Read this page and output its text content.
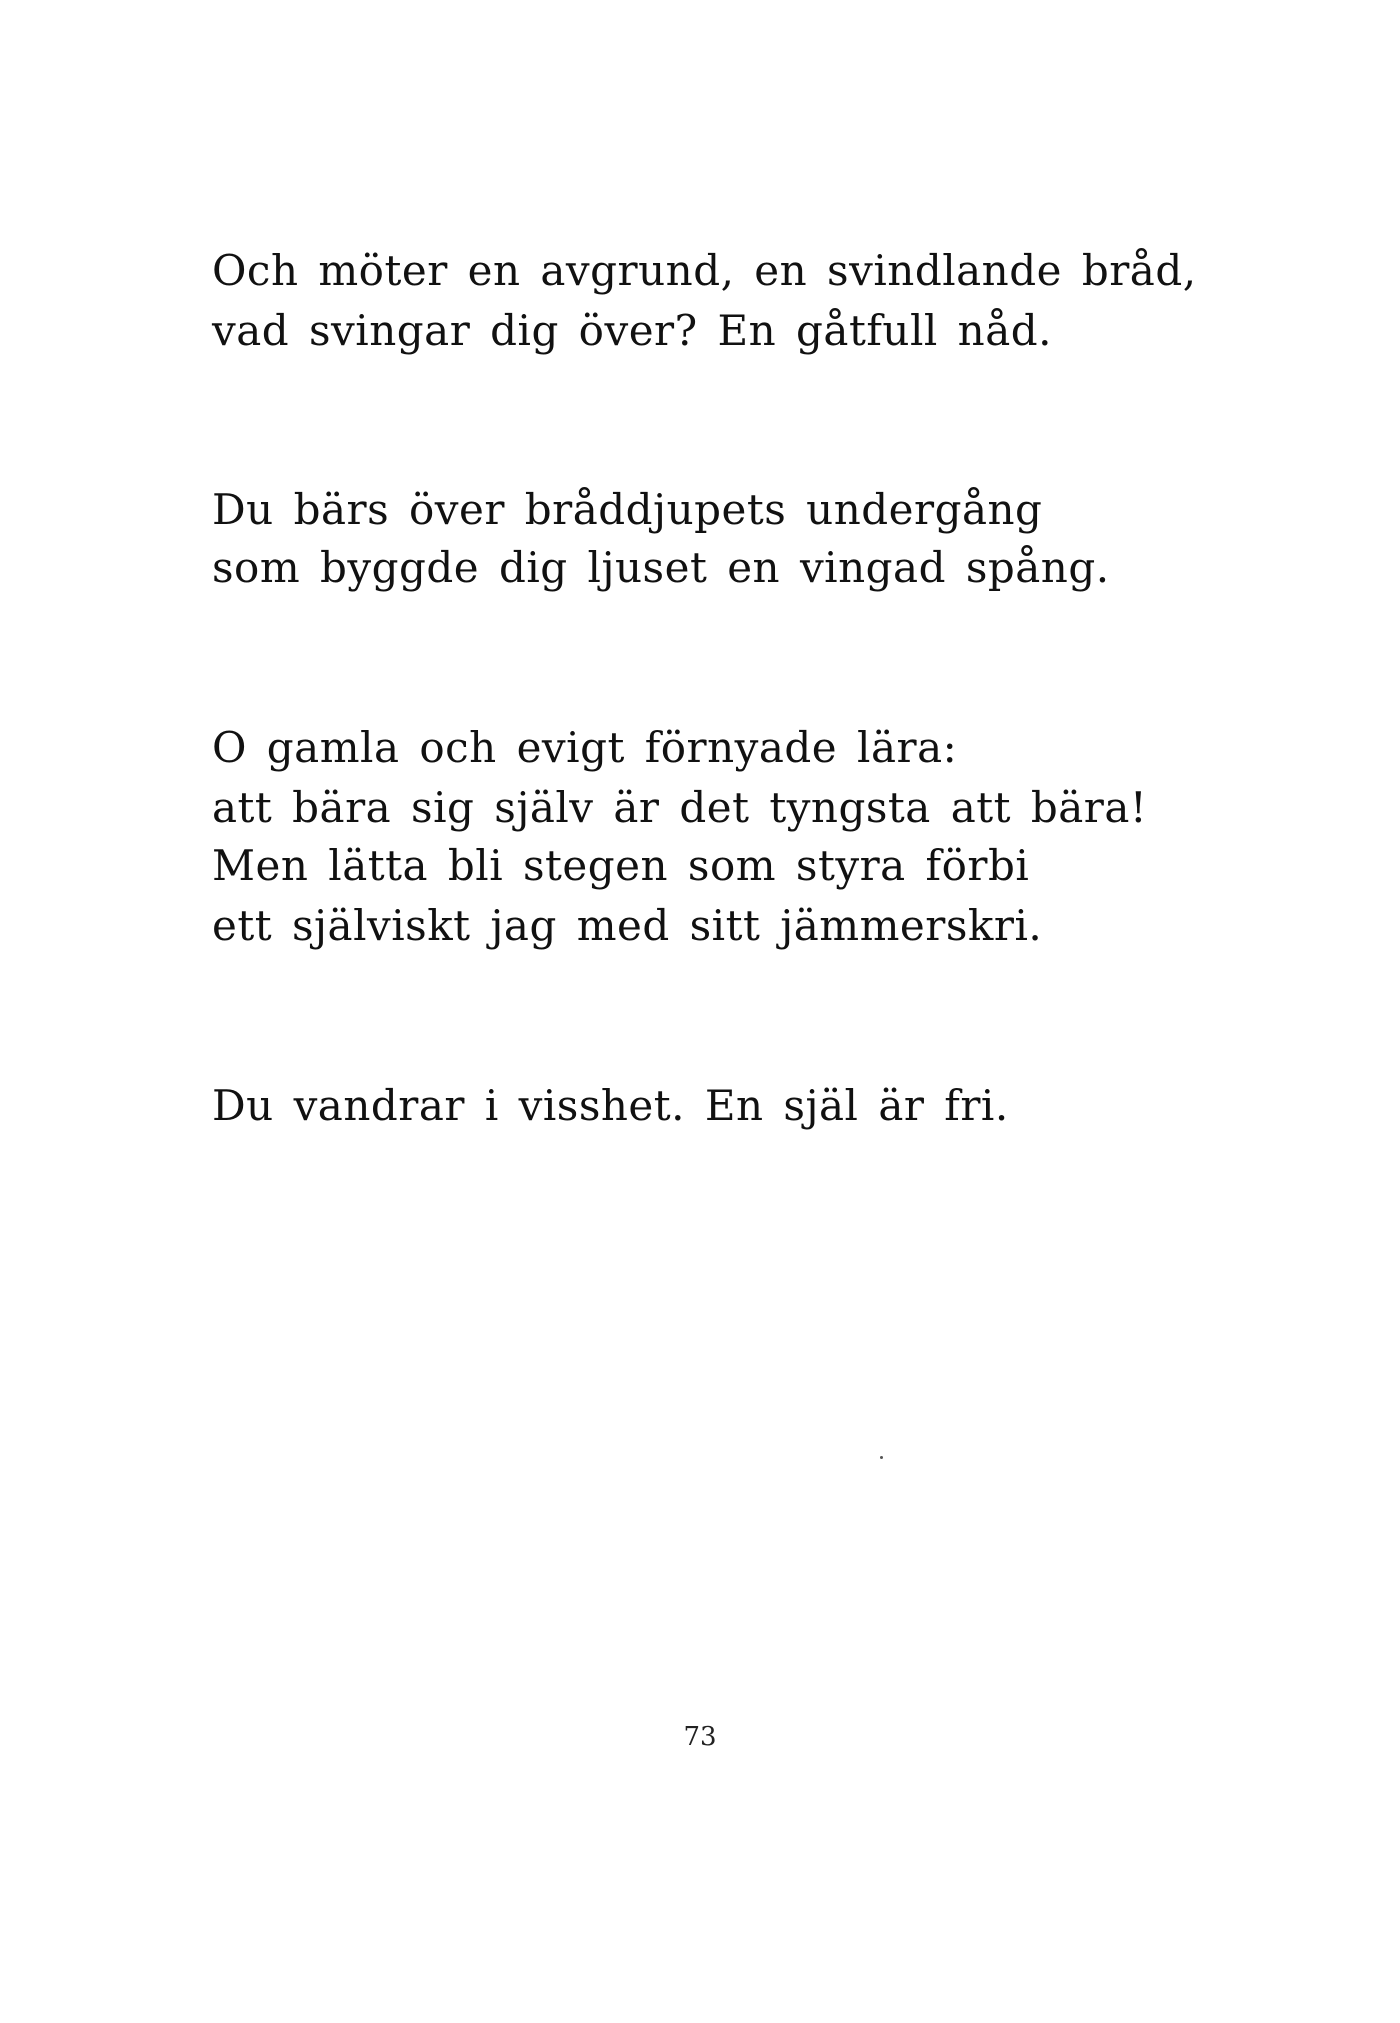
Och möter en avgrund, en svindlande bråd,
vad svingar dig över? En gåtfull nåd.
Du bärs över bråddjupets undergång
som byggde dig ljuset en vingad spång.
O gamla och evigt förnyade lära:
att bära sig själv är det tyngsta att bära!
Men lätta bli stegen som styra förbi
ett själviskt jag med sitt jämmerskri.
Du vandrar i visshet. En själ är fri.
73
